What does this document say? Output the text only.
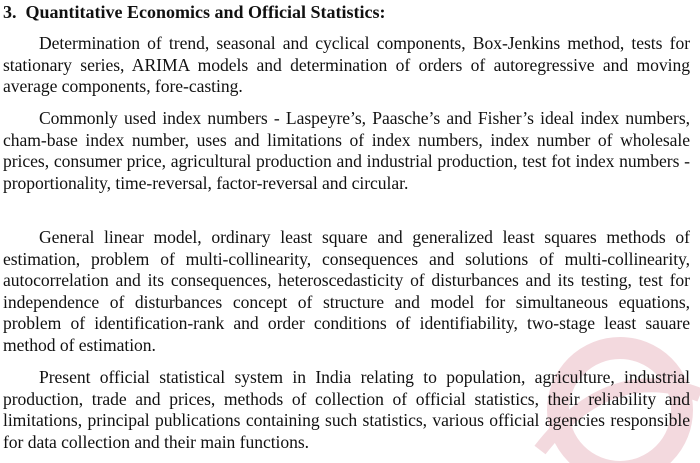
3. Quantitative Economics and Official Statistics:

Determination of trend, seasonal and cyclical components, Box-Jenkins method, tests for stationary series, ARIMA models and determination of orders of autoregressive and moving average components, fore-casting.

Commonly used index numbers - Laspeyre’s, Paasche’s and Fisher’s ideal index numbers, cham-base index number, uses and limitations of index numbers, index number of wholesale prices, consumer price, agricultural production and industrial production, test fot index numbers -proportionality, time-reversal, factor-reversal and circular.

General linear model, ordinary least square and generalized least squares methods of estimation, problem of multi-collinearity, consequences and solutions of multi-collinearity, autocorrelation and its consequences, heteroscedasticity of disturbances and its testing, test for independence of disturbances concept of structure and model for simultaneous equations, problem of identification-rank and order conditions of identifiability, two-stage least sauare method of estimation.

Present official statistical system in India relating to population, agriculture, industrial production, trade and prices, methods of collection of official statistics, their reliability and limitations, principal publications containing such statistics, various official agencies responsible for data collection and their main functions.
